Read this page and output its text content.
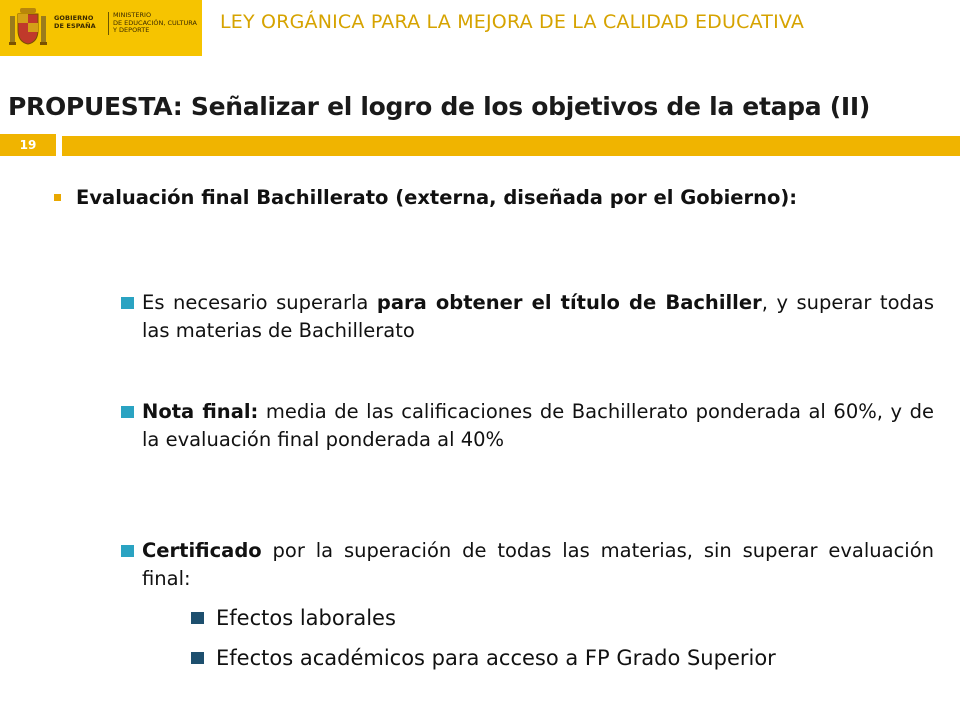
GOBIERNO
DE ESPAÑA
MINISTERIO
DE EDUCACIÓN, CULTURA
Y DEPORTE	LEY ORGÁNICA PARA LA MEJORA DE LA CALIDAD EDUCATIVA
PROPUESTA: Señalizar el logro de los objetivos de la etapa (II)
19
Evaluación final Bachillerato (externa, diseñada por el Gobierno):
Es necesario superarla para obtener el título de Bachiller, y superar todas las materias de Bachillerato
Nota final: media de las calificaciones de Bachillerato ponderada al 60%, y de la evaluación final ponderada al 40%
Certificado por la superación de todas las materias, sin superar evaluación final:
Efectos laborales
Efectos académicos para acceso a FP Grado Superior
